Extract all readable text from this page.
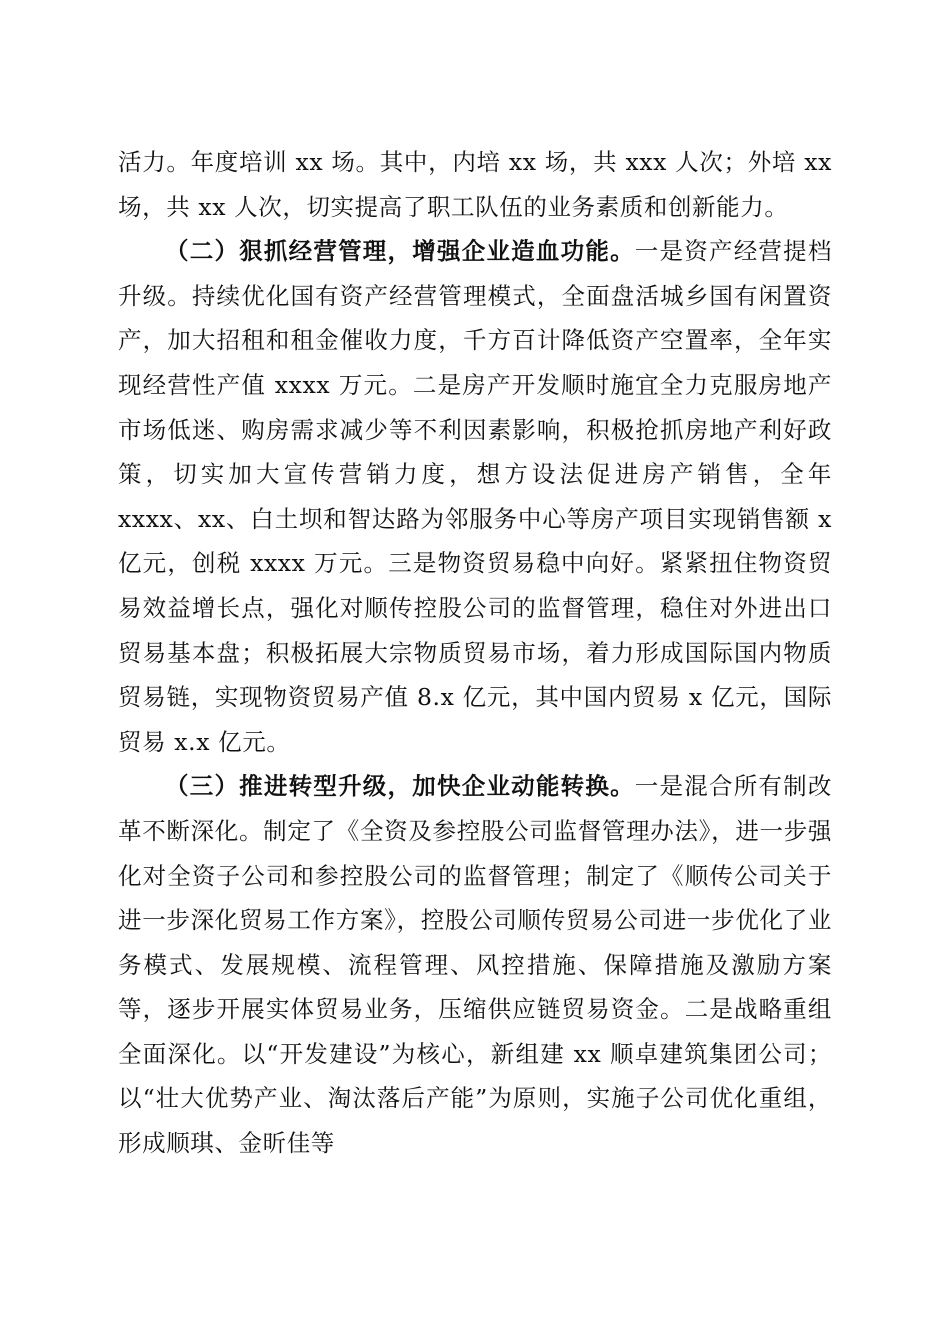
活力。年度培训 xx 场。其中，内培 xx 场，共 xxx 人次；外培 xx 场，共 xx 人次，切实提高了职工队伍的业务素质和创新能力。

（二）狠抓经营管理，增强企业造血功能。一是资产经营提档升级。持续优化国有资产经营管理模式，全面盘活城乡国有闲置资产，加大招租和租金催收力度，千方百计降低资产空置率，全年实现经营性产值 xxxx 万元。二是房产开发顺时施宜全力克服房地产市场低迷、购房需求减少等不利因素影响，积极抢抓房地产利好政策，切实加大宣传营销力度，想方设法促进房产销售，全年 xxxx、xx、白土坝和智达路为邻服务中心等房产项目实现销售额 x 亿元，创税 xxxx 万元。三是物资贸易稳中向好。紧紧扭住物资贸易效益增长点，强化对顺传控股公司的监督管理，稳住对外进出口贸易基本盘；积极拓展大宗物质贸易市场，着力形成国际国内物质贸易链，实现物资贸易产值 8.x 亿元，其中国内贸易 x 亿元，国际贸易 x.x 亿元。

（三）推进转型升级，加快企业动能转换。一是混合所有制改革不断深化。制定了《全资及参控股公司监督管理办法》，进一步强化对全资子公司和参控股公司的监督管理；制定了《顺传公司关于进一步深化贸易工作方案》，控股公司顺传贸易公司进一步优化了业务模式、发展规模、流程管理、风控措施、保障措施及激励方案等，逐步开展实体贸易业务，压缩供应链贸易资金。二是战略重组全面深化。以“开发建设”为核心，新组建 xx 顺卓建筑集团公司；以“壮大优势产业、淘汰落后产能”为原则，实施子公司优化重组，形成顺琪、金昕佳等
